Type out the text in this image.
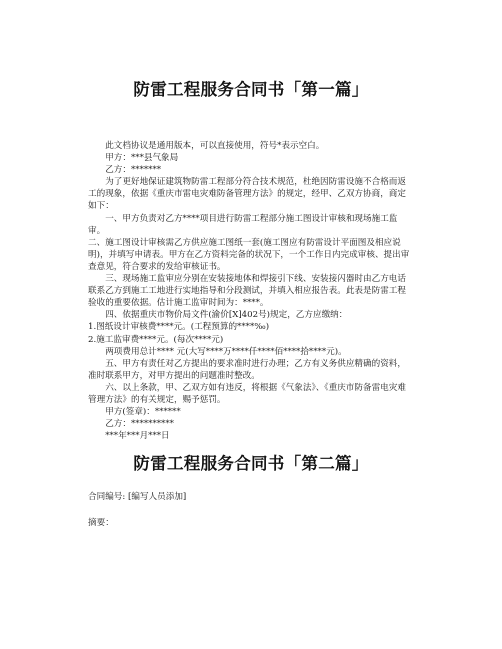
防雷工程服务合同书「第一篇」

此文档协议是通用版本，可以直接使用，符号*表示空白。

甲方：***县气象局

乙方：*******

为了更好地保证建筑物防雷工程部分符合技术规范，杜绝因防雷设施不合格而返工的现象，依据《重庆市雷电灾难防备管理方法》的规定，经甲、乙双方协商，商定如下：

一、甲方负责对乙方****项目进行防雷工程部分施工图设计审核和现场施工监审。

二、施工图设计审核需乙方供应施工图纸一套(施工图应有防雷设计平面图及相应说明)，并填写申请表。甲方在乙方资料完备的状况下，一个工作日内完成审核、提出审查意见，符合要求的发给审核证书。

三、现场施工监审应分别在安装接地体和焊接引下线、安装接闪器时由乙方电话联系乙方到施工工地进行实地指导和分段测试，并填入相应报告表。此表是防雷工程验收的重要依据。估计施工监审时间为：****。

四、依据重庆市物价局文件(渝价[X]402号)规定，乙方应缴纳：

1.图纸设计审核费****元。(工程预算的****‰)

2.施工监审费****元。(每次****元)

两项费用总计**** 元(大写****万****仟****佰****拾****元)。

五、甲方有责任对乙方提出的要求准时进行办理；乙方有义务供应精确的资料，准时联系甲方，对甲方提出的问题准时整改。

六、以上条款，甲、乙双方如有违反，将根据《气象法》、《重庆市防备雷电灾难管理方法》的有关规定，赐予惩罚。

甲方(签章)：******

乙方：**********

***年***月***日

防雷工程服务合同书「第二篇」

合同编号: [编写人员添加]

摘要：
